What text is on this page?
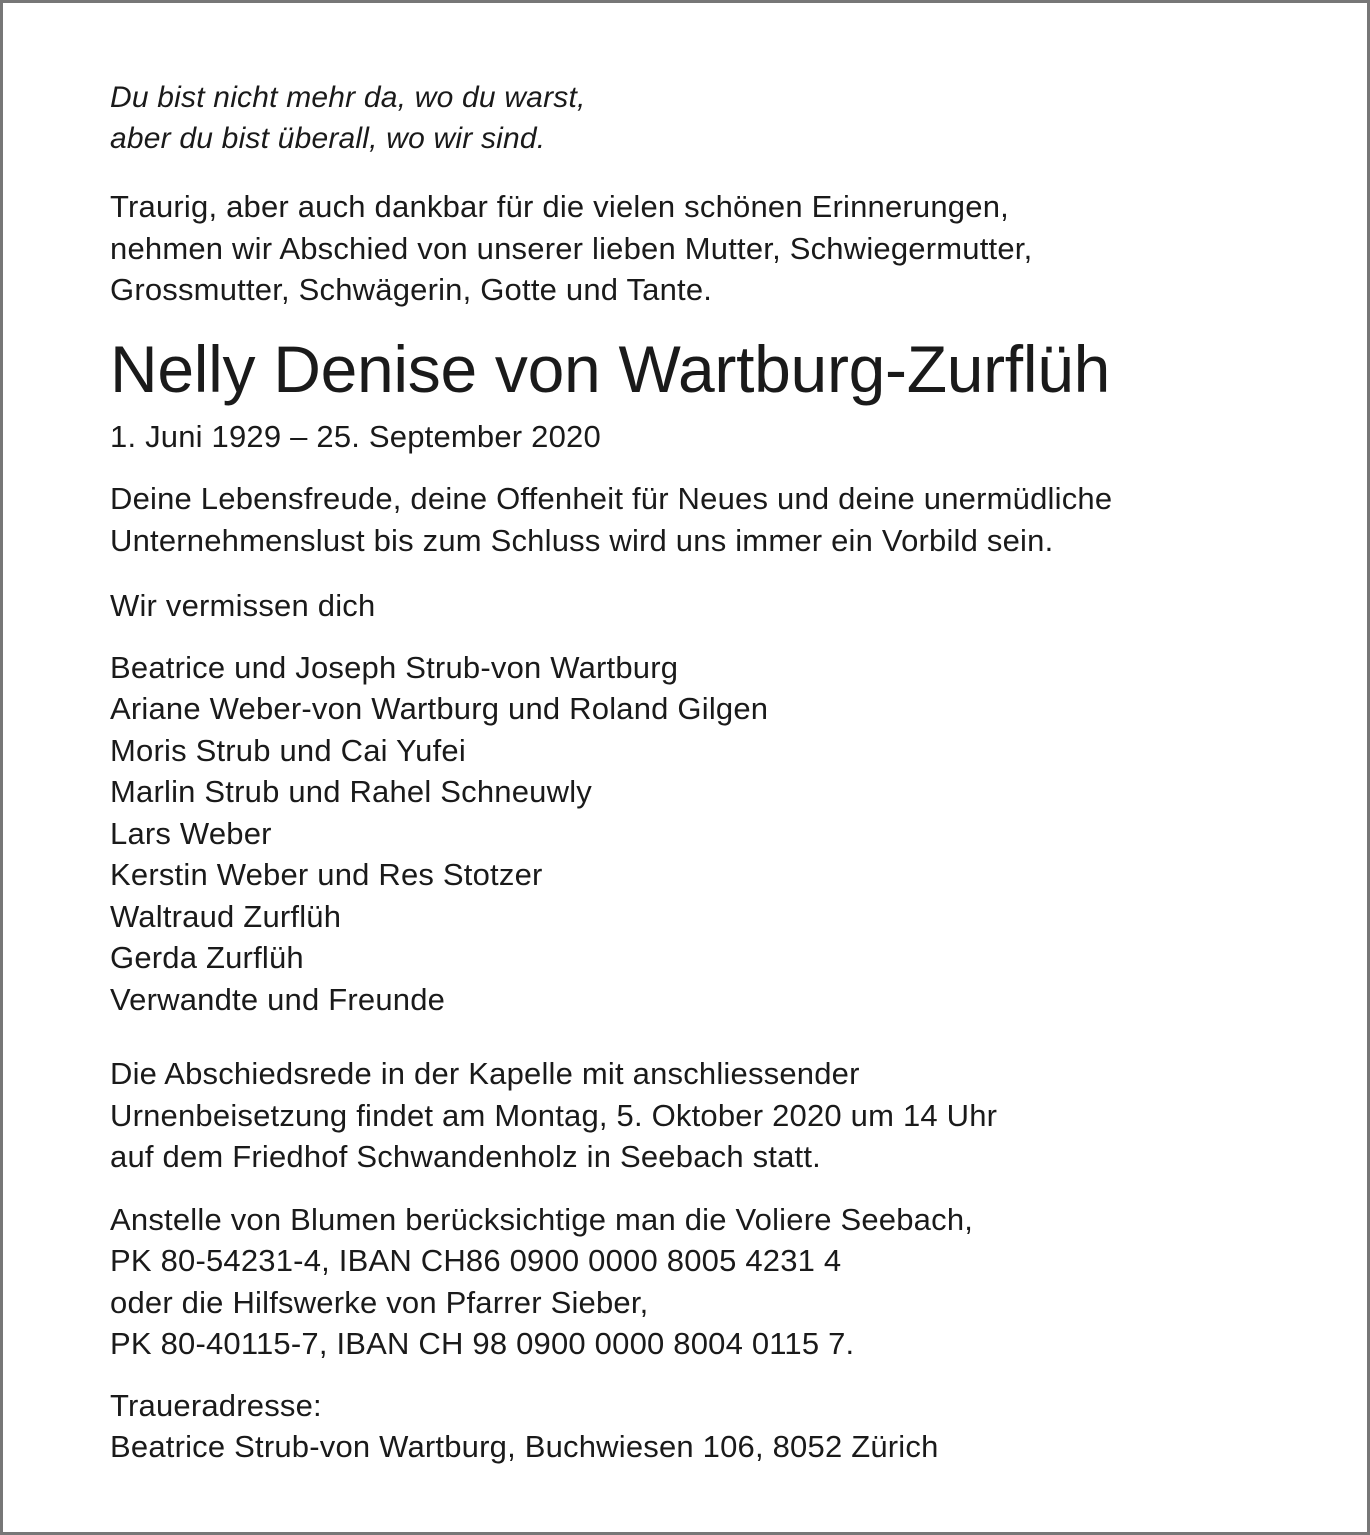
Du bist nicht mehr da, wo du warst,
aber du bist überall, wo wir sind.
Traurig, aber auch dankbar für die vielen schönen Erinnerungen,
nehmen wir Abschied von unserer lieben Mutter, Schwiegermutter,
Grossmutter, Schwägerin, Gotte und Tante.
Nelly Denise von Wartburg-Zurflüh
1. Juni 1929 – 25. September 2020
Deine Lebensfreude, deine Offenheit für Neues und deine unermüdliche
Unternehmenslust bis zum Schluss wird uns immer ein Vorbild sein.
Wir vermissen dich
Beatrice und Joseph Strub-von Wartburg
Ariane Weber-von Wartburg und Roland Gilgen
Moris Strub und Cai Yufei
Marlin Strub und Rahel Schneuwly
Lars Weber
Kerstin Weber und Res Stotzer
Waltraud Zurflüh
Gerda Zurflüh
Verwandte und Freunde
Die Abschiedsrede in der Kapelle mit anschliessender
Urnenbeisetzung findet am Montag, 5. Oktober 2020 um 14 Uhr
auf dem Friedhof Schwandenholz in Seebach statt.
Anstelle von Blumen berücksichtige man die Voliere Seebach,
PK 80-54231-4, IBAN CH86 0900 0000 8005 4231 4
oder die Hilfswerke von Pfarrer Sieber,
PK 80-40115-7, IBAN CH 98 0900 0000 8004 0115 7.
Traueradresse:
Beatrice Strub-von Wartburg, Buchwiesen 106, 8052 Zürich
